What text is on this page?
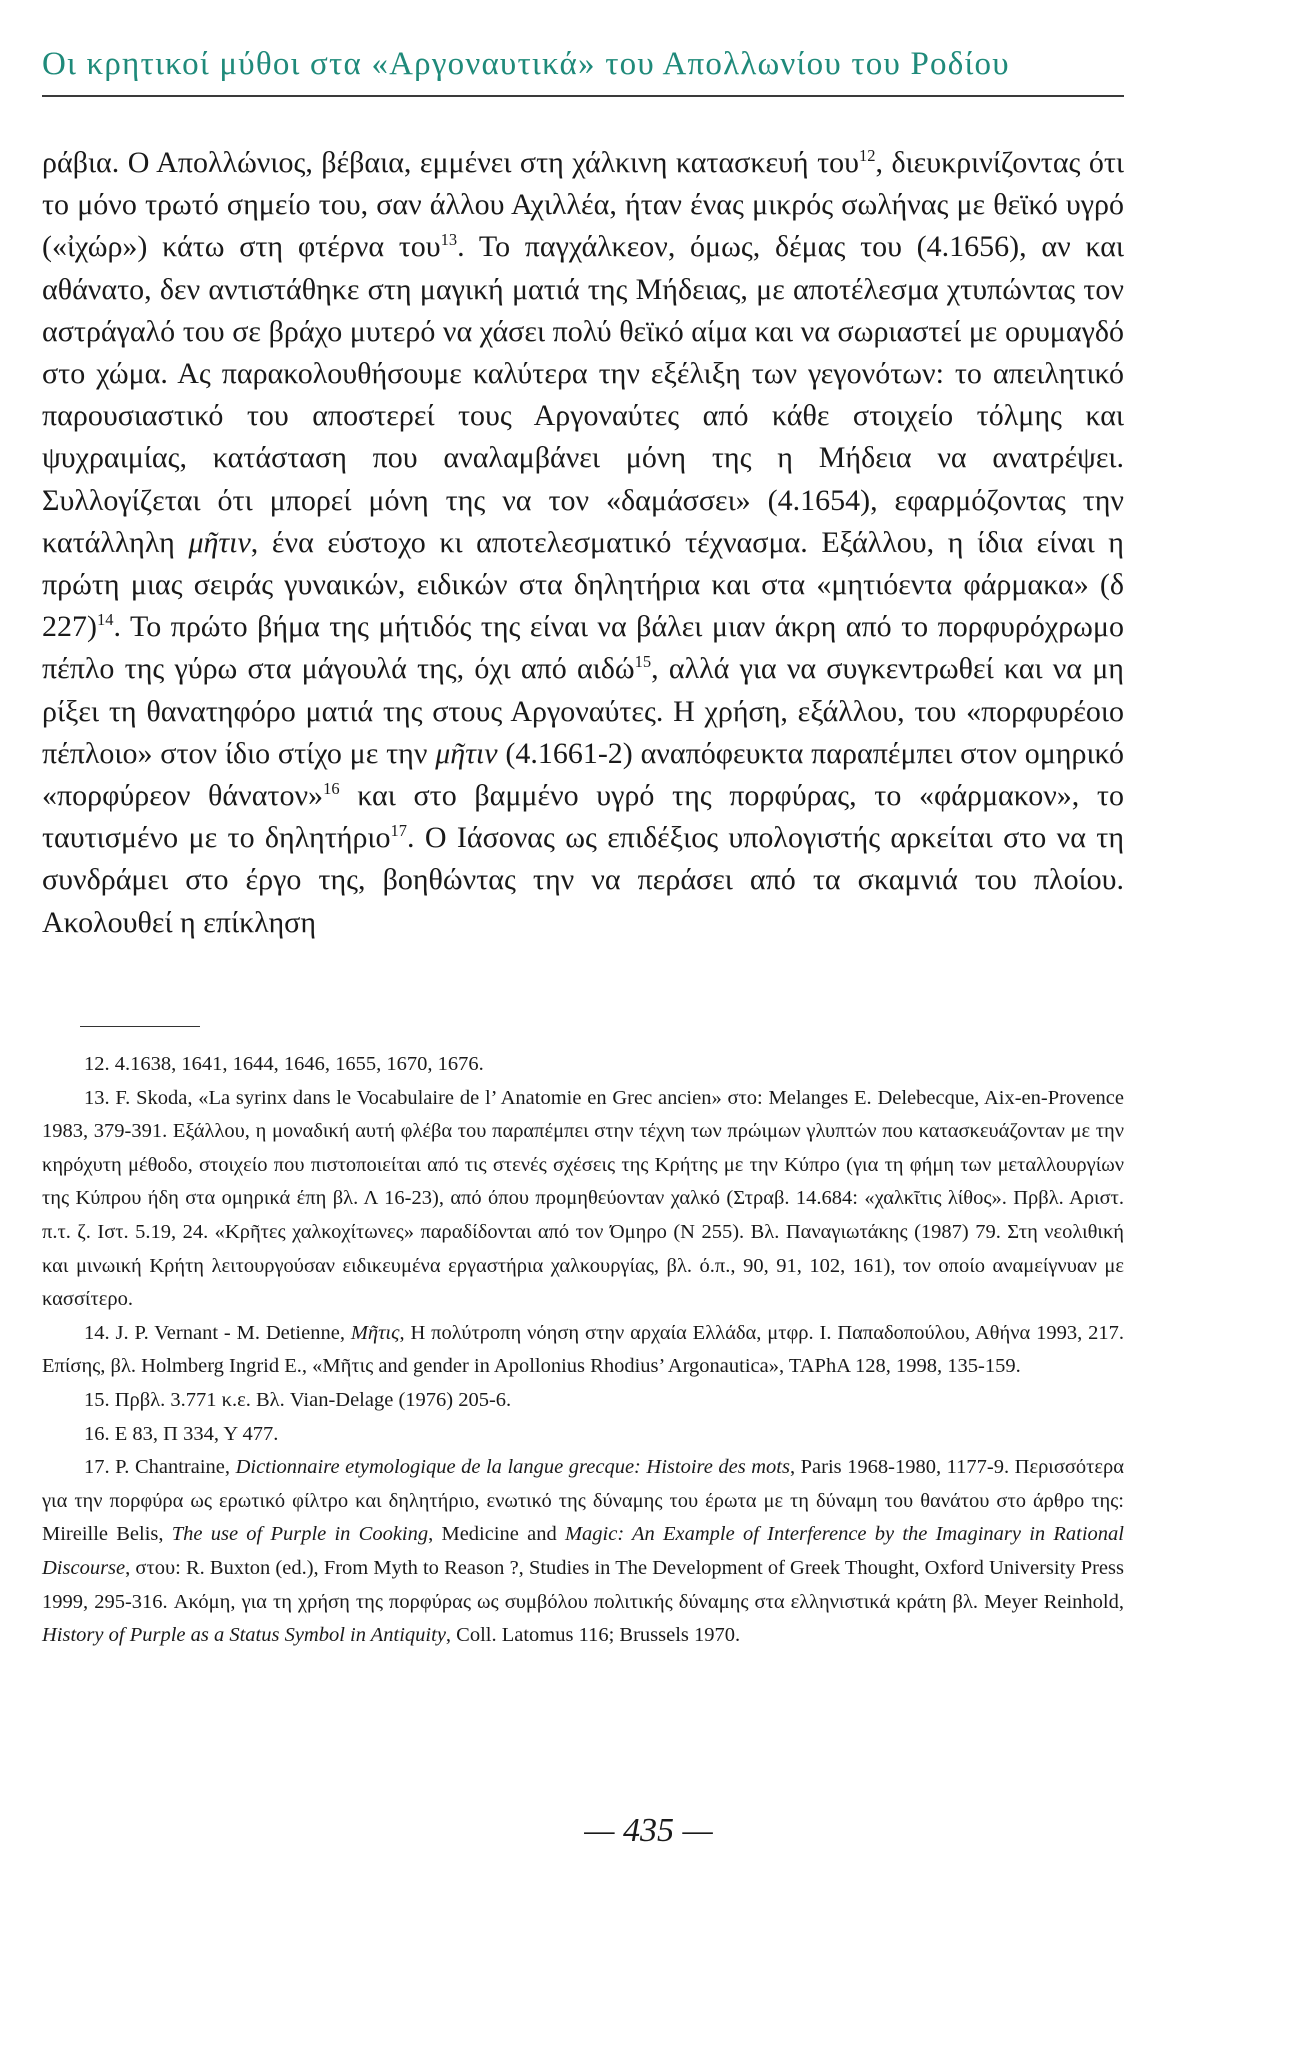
Οι κρητικοί μύθοι στα «Αργοναυτικά» του Απολλωνίου του Ροδίου

ράβια. Ο Απολλώνιος, βέβαια, εμμένει στη χάλκινη κατασκευή του$^{12}$, διευκρινίζοντας ότι το μόνο τρωτό σημείο του, σαν άλλου Αχιλλέα, ήταν ένας μικρός σωλήνας με θεϊκό υγρό («ἰχώρ») κάτω στη φτέρνα του$^{13}$. Το παγχάλκεον, όμως, δέμας του (4.1656), αν και αθάνατο, δεν αντιστάθηκε στη μαγική ματιά της Μήδειας, με αποτέλεσμα χτυπώντας τον αστράγαλό του σε βράχο μυτερό να χάσει πολύ θεϊκό αίμα και να σωριαστεί με ορυμαγδό στο χώμα. Ας παρακολουθήσουμε καλύτερα την εξέλιξη των γεγονότων: το απειλητικό παρουσιαστικό του αποστερεί τους Αργοναύτες από κάθε στοιχείο τόλμης και ψυχραιμίας, κατάσταση που αναλαμβάνει μόνη της η Μήδεια να ανατρέψει. Συλλογίζεται ότι μπορεί μόνη της να τον «δαμάσσει» (4.1654), εφαρμόζοντας την κατάλληλη μῆτιν, ένα εύστοχο κι αποτελεσματικό τέχνασμα. Εξάλλου, η ίδια είναι η πρώτη μιας σειράς γυναικών, ειδικών στα δηλητήρια και στα «μητιόεντα φάρμακα» (δ 227)$^{14}$. Το πρώτο βήμα της μήτιδός της είναι να βάλει μιαν άκρη από το πορφυρόχρωμο πέπλο της γύρω στα μάγουλά της, όχι από αιδώ$^{15}$, αλλά για να συγκεντρωθεί και να μη ρίξει τη θανατηφόρο ματιά της στους Αργοναύτες. Η χρήση, εξάλλου, του «πορφυρέοιο πέπλοιο» στον ίδιο στίχο με την μῆτιν (4.1661-2) αναπόφευκτα παραπέμπει στον ομηρικό «πορφύρεον θάνατον»$^{16}$ και στο βαμμένο υγρό της πορφύρας, το «φάρμακον», το ταυτισμένο με το δηλητήριο$^{17}$. Ο Ιάσονας ως επιδέξιος υπολογιστής αρκείται στο να τη συνδράμει στο έργο της, βοηθώντας την να περάσει από τα σκαμνιά του πλοίου. Ακολουθεί η επίκληση

12. 4.1638, 1641, 1644, 1646, 1655, 1670, 1676.

13. F. Skoda, «La syrinx dans le Vocabulaire de l’ Anatomie en Grec ancien» στο: Melanges E. Delebecque, Aix-en-Provence 1983, 379-391. Εξάλλου, η μοναδική αυτή φλέβα του παραπέμπει στην τέχνη των πρώιμων γλυπτών που κατασκευάζονταν με την κηρόχυτη μέθοδο, στοιχείο που πιστοποιείται από τις στενές σχέσεις της Κρήτης με την Κύπρο (για τη φήμη των μεταλλουργίων της Κύπρου ήδη στα ομηρικά έπη βλ. Λ 16-23), από όπου προμηθεύονταν χαλκό (Στραβ. 14.684: «χαλκῖτις λίθος». Πρβλ. Αριστ. π.τ. ζ. Ιστ. 5.19, 24. «Κρῆτες χαλκοχίτωνες» παραδίδονται από τον Όμηρο (Ν 255). Βλ. Παναγιωτάκης (1987) 79. Στη νεολιθική και μινωική Κρήτη λειτουργούσαν ειδικευμένα εργαστήρια χαλκουργίας, βλ. ό.π., 90, 91, 102, 161), τον οποίο αναμείγνυαν με κασσίτερο.

14. J. P. Vernant - M. Detienne, Μῆτις, Η πολύτροπη νόηση στην αρχαία Ελλάδα, μτφρ. Ι. Παπαδοπούλου, Αθήνα 1993, 217. Επίσης, βλ. Holmberg Ingrid E., «Μῆτις and gender in Apollonius Rhodius’ Argonautica», TAPhA 128, 1998, 135-159.

15. Πρβλ. 3.771 κ.ε. Βλ. Vian-Delage (1976) 205-6.

16. Ε 83, Π 334, Υ 477.

17. P. Chantraine, Dictionnaire etymologique de la langue grecque: Histoire des mots, Paris 1968-1980, 1177-9. Περισσότερα για την πορφύρα ως ερωτικό φίλτρο και δηλητήριο, ενωτικό της δύναμης του έρωτα με τη δύναμη του θανάτου στο άρθρο της: Mireille Belis, The use of Purple in Cooking, Medicine and Magic: An Example of Interference by the Imaginary in Rational Discourse, στου: R. Buxton (ed.), From Myth to Reason ?, Studies in The Development of Greek Thought, Oxford University Press 1999, 295-316. Ακόμη, για τη χρήση της πορφύρας ως συμβόλου πολιτικής δύναμης στα ελληνιστικά κράτη βλ. Meyer Reinhold, History of Purple as a Status Symbol in Antiquity, Coll. Latomus 116; Brussels 1970.

— 435 —
